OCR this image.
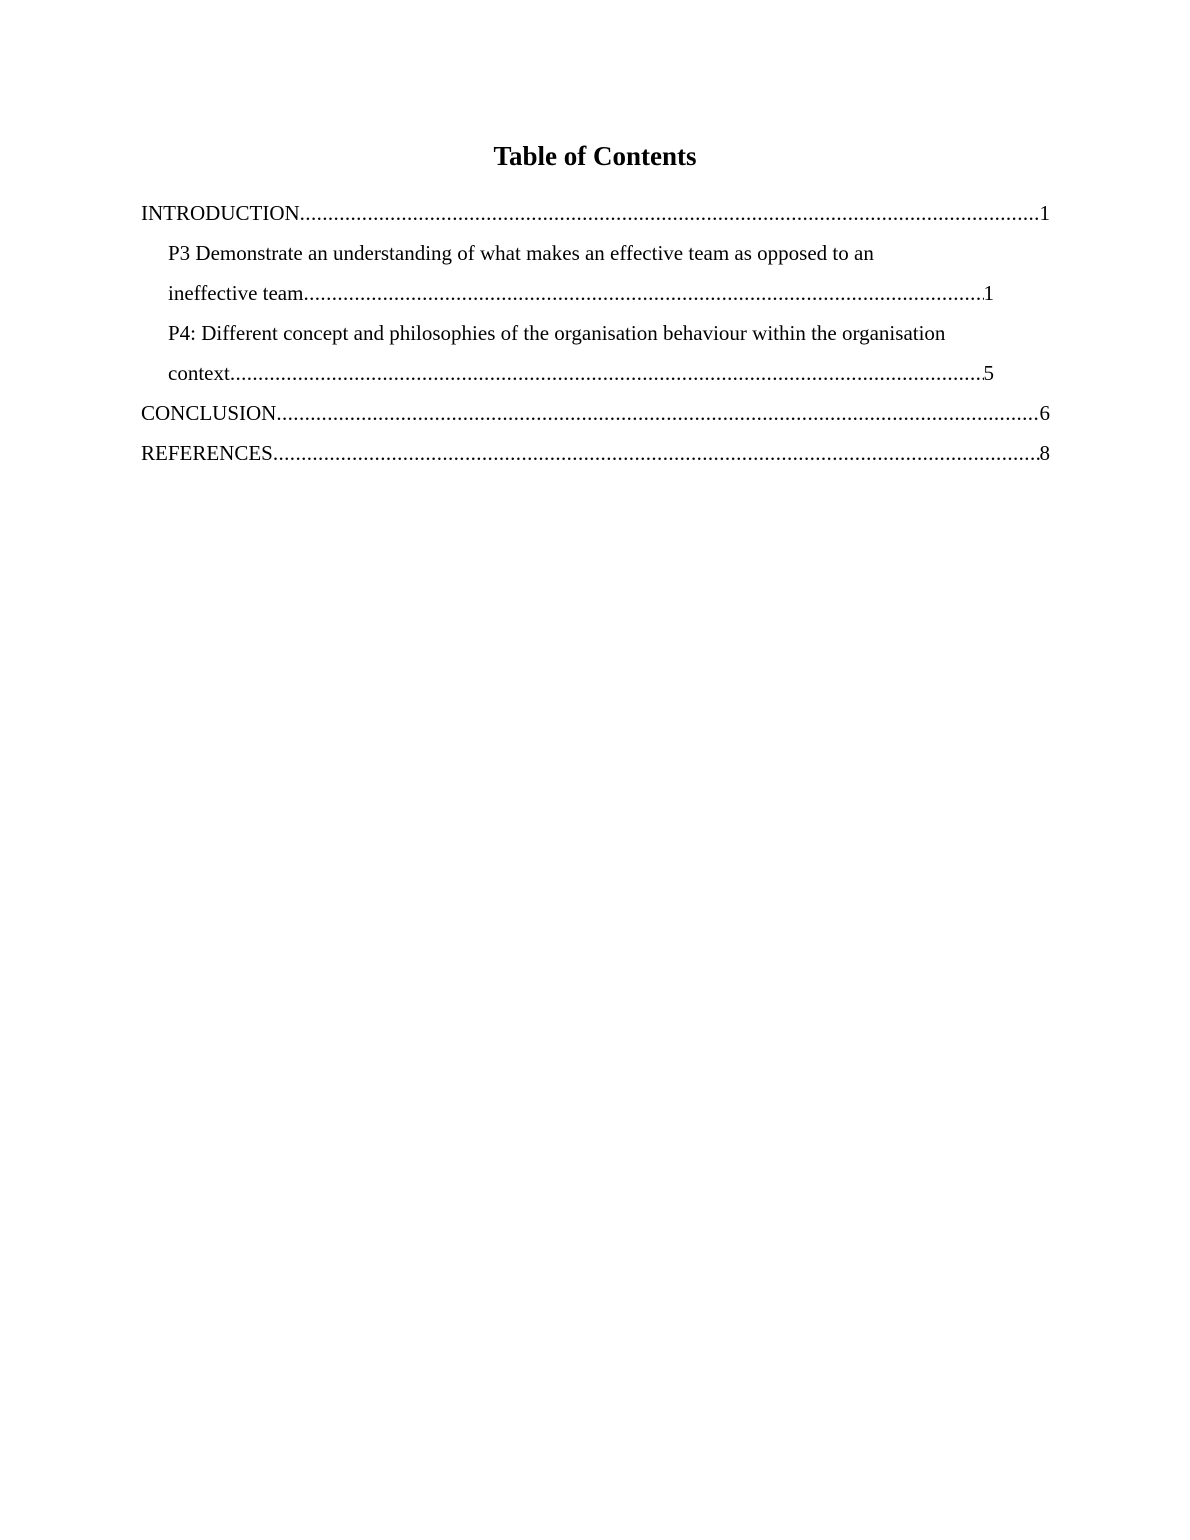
Table of Contents
INTRODUCTION .....	1
P3 Demonstrate an understanding of what makes an effective team as opposed to an
ineffective team .....	1
P4: Different concept and philosophies of the organisation behaviour within the organisation
context .....	5
CONCLUSION .....	6
REFERENCES .....	8
